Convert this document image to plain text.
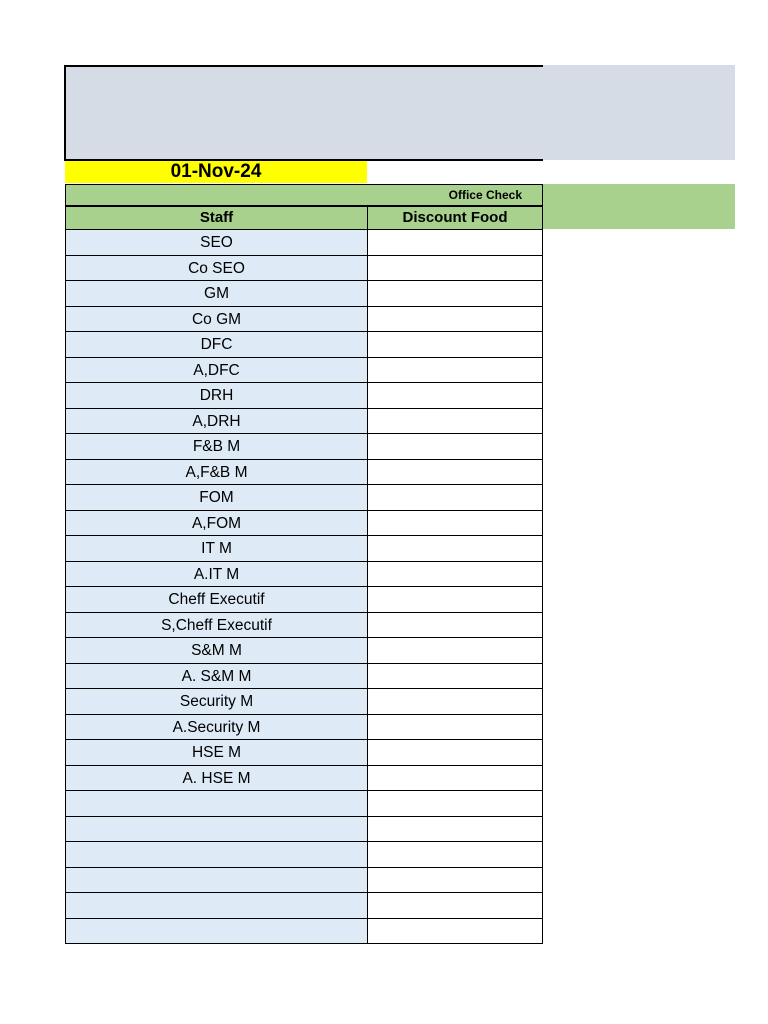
01-Nov-24
Office Check
Staff	Discount Food
SEO
Co SEO
GM
Co GM
DFC
A,DFC
DRH
A,DRH
F&B M
A,F&B M
FOM
A,FOM
IT M
A.IT M
Cheff Executif
S,Cheff Executif
S&M M
A. S&M M
Security M
A.Security M
HSE M
A. HSE M
